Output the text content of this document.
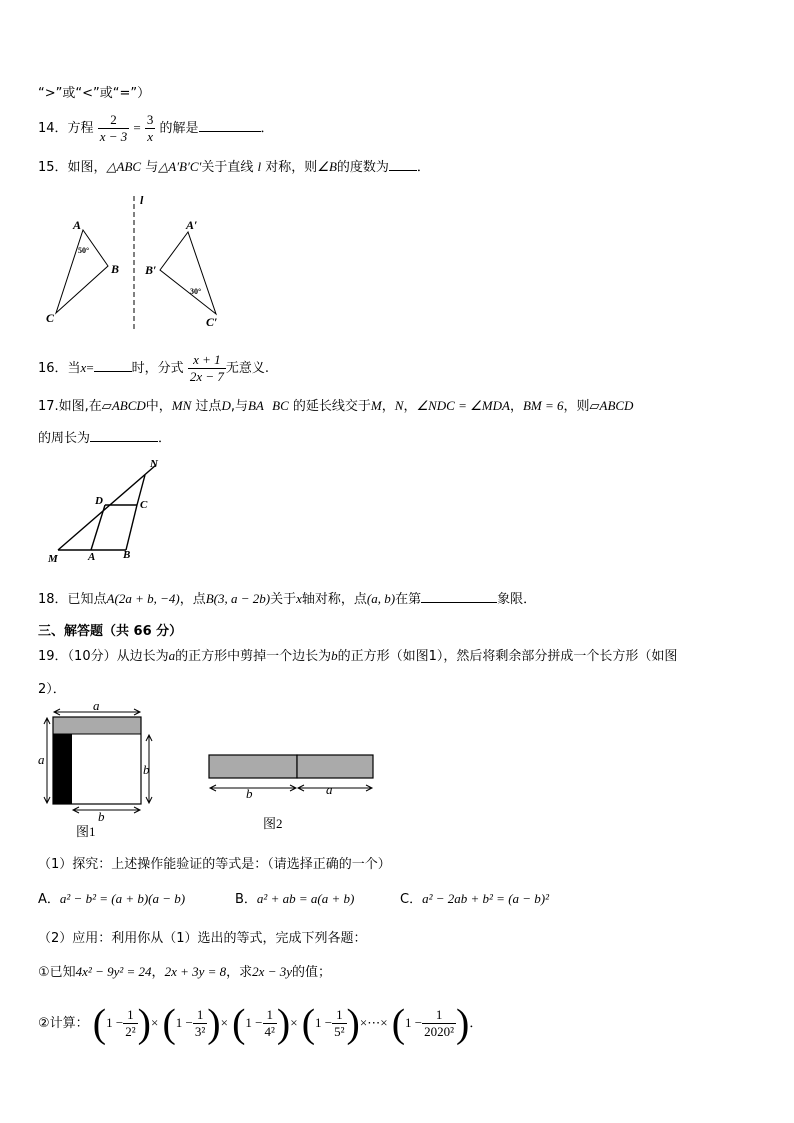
“>”或“<”或“=”）
14．方程 $\frac{2}{x - 3} = \frac{3}{x}$ 的解是	．
15．如图，△ABC 与△A′B′C′关于直线 l 对称，则∠B的度数为 ．
l
A
B
C
50°
A′
B′
C′
30°
16．当x=	时，分式 $\frac{x + 1}{2x - 7}$ 无意义.
17.如图,在▱ABCD中，MN 过点D,与BA BC 的延长线交于M，N，∠NDC = ∠MDA，BM = 6，则▱ABCD
的周长为	．
N
D	C
M	A	B
18．已知点A(2a + b, −4)，点B(3, a − 2b)关于x轴对称，点(a, b)在第	象限．
三、解答题（共 66 分）
19．（10分）从边长为a的正方形中剪掉一个边长为b的正方形（如图1），然后将剩余部分拼成一个长方形（如图
2）．
a
a
b
b
图1
b	a
图2
（1）探究：上述操作能验证的等式是：（请选择正确的一个）
A．a² − b² = (a + b)(a − b)	B．a² + ab = a(a + b)	C．a² − 2ab + b² = (a − b)²
（2）应用：利用你从（1）选出的等式，完成下列各题：
①已知4x² − 9y² = 24，2x + 3y = 8，求2x − 3y的值；
②计算： ($1 - \frac{1}{\text{2²}}$ )× ($1 - \frac{1}{\text{3²}}$ )× ($1 - \frac{1}{\text{4²}}$ )× ($1 - \frac{1}{\text{5²}}$ )×⋯× ($1 - \frac{1}{\text{2020²}}$ )．
